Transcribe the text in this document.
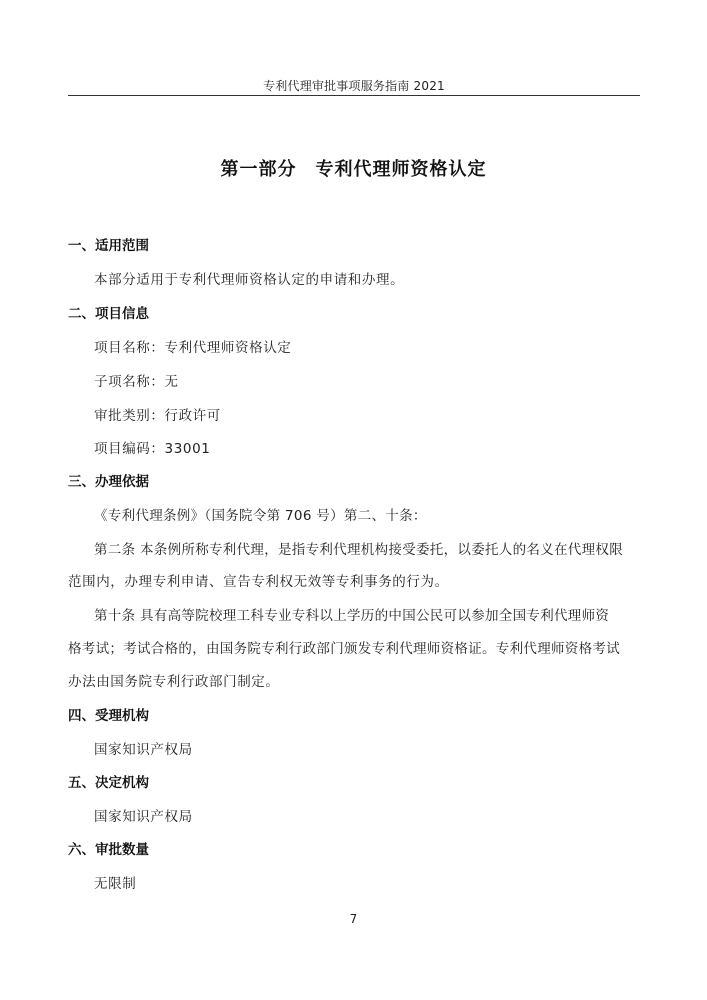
专利代理审批事项服务指南 2021
第一部分　专利代理师资格认定
一、适用范围
本部分适用于专利代理师资格认定的申请和办理。
二、项目信息
项目名称：专利代理师资格认定
子项名称：无
审批类别：行政许可
项目编码：33001
三、办理依据
《专利代理条例》（国务院令第 706 号）第二、十条：
第二条 本条例所称专利代理，是指专利代理机构接受委托，以委托人的名义在代理权限
范围内，办理专利申请、宣告专利权无效等专利事务的行为。
第十条 具有高等院校理工科专业专科以上学历的中国公民可以参加全国专利代理师资
格考试；考试合格的，由国务院专利行政部门颁发专利代理师资格证。专利代理师资格考试
办法由国务院专利行政部门制定。
四、受理机构
国家知识产权局
五、决定机构
国家知识产权局
六、审批数量
无限制
7
